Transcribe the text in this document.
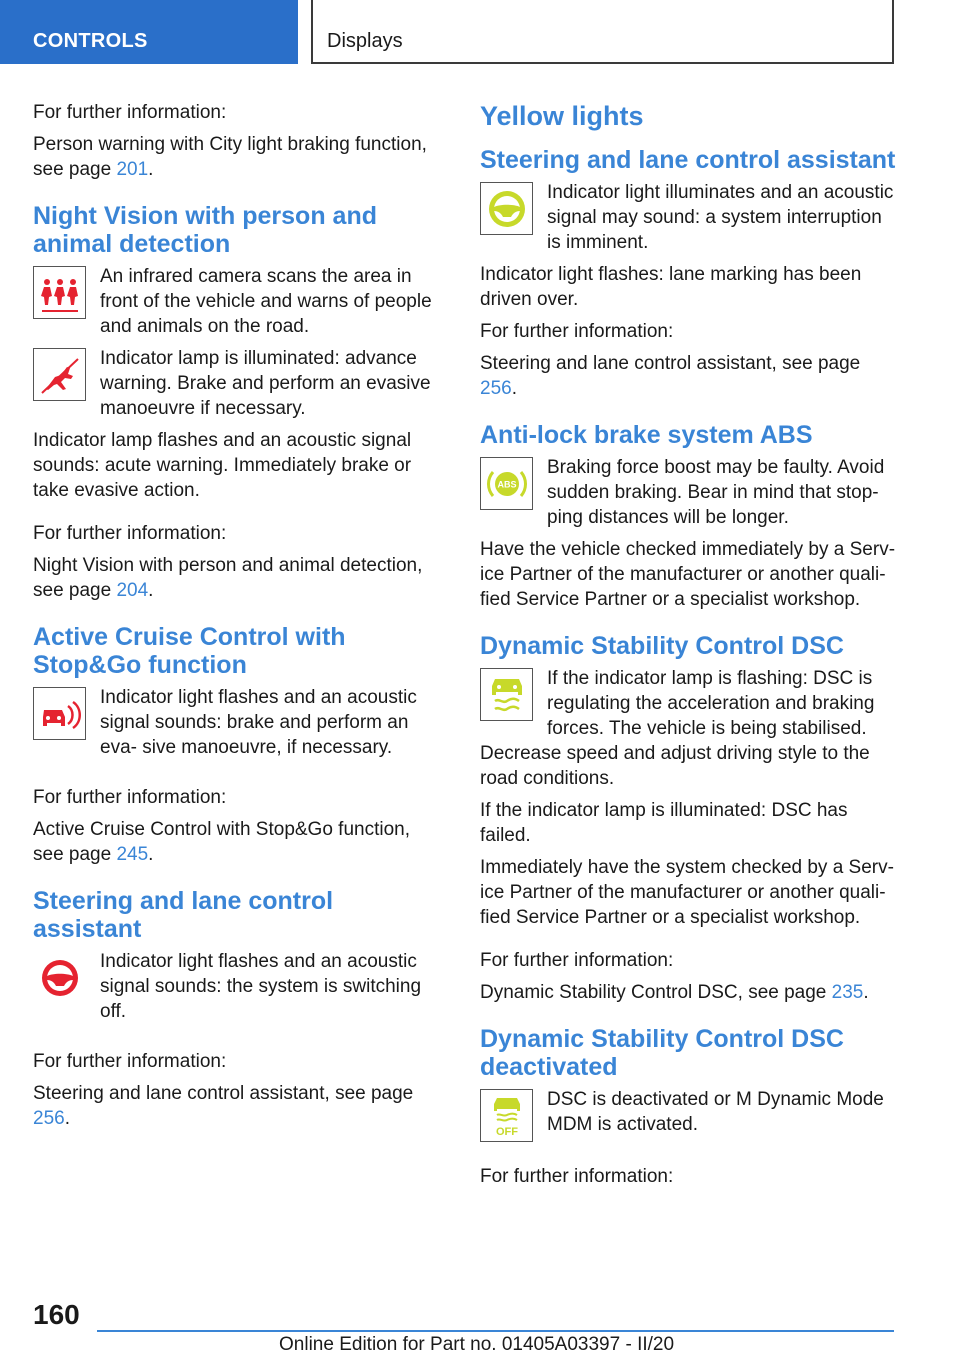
CONTROLS	Displays

For further information:

Person warning with City light braking function, see page 201.

Night Vision with person and animal detection

An infrared camera scans the area in front of the vehicle and warns of people and animals on the road.

Indicator lamp is illuminated: advance warning. Brake and perform an evasive manoeuvre if necessary.

Indicator lamp flashes and an acoustic signal sounds: acute warning. Immediately brake or take evasive action.

For further information:

Night Vision with person and animal detection, see page 204.

Active Cruise Control with Stop&Go function

Indicator light flashes and an acoustic signal sounds: brake and perform an eva‐ sive manoeuvre, if necessary.

For further information:

Active Cruise Control with Stop&Go function, see page 245.

Steering and lane control assistant

Indicator light flashes and an acoustic signal sounds: the system is switching off.

For further information:

Steering and lane control assistant, see page 256.

Yellow lights
Steering and lane control assistant

Indicator light illuminates and an acoustic signal may sound: a system interruption is imminent.

Indicator light flashes: lane marking has been driven over.

For further information:

Steering and lane control assistant, see page 256.

Anti-lock brake system ABS
ABS

Braking force boost may be faulty. Avoid sudden braking. Bear in mind that stop‐ ping distances will be longer.

Have the vehicle checked immediately by a Serv‐ ice Partner of the manufacturer or another quali‐ fied Service Partner or a specialist workshop.

Dynamic Stability Control DSC

If the indicator lamp is flashing: DSC is regulating the acceleration and braking forces. The vehicle is being stabilised. Decrease speed and adjust driving style to the road conditions.

If the indicator lamp is illuminated: DSC has failed.

Immediately have the system checked by a Serv‐ ice Partner of the manufacturer or another quali‐ fied Service Partner or a specialist workshop.

For further information:

Dynamic Stability Control DSC, see page 235.

Dynamic Stability Control DSC deactivated
OFF

DSC is deactivated or M Dynamic Mode MDM is activated.

For further information:

160
Online Edition for Part no. 01405A03397 - II/20
